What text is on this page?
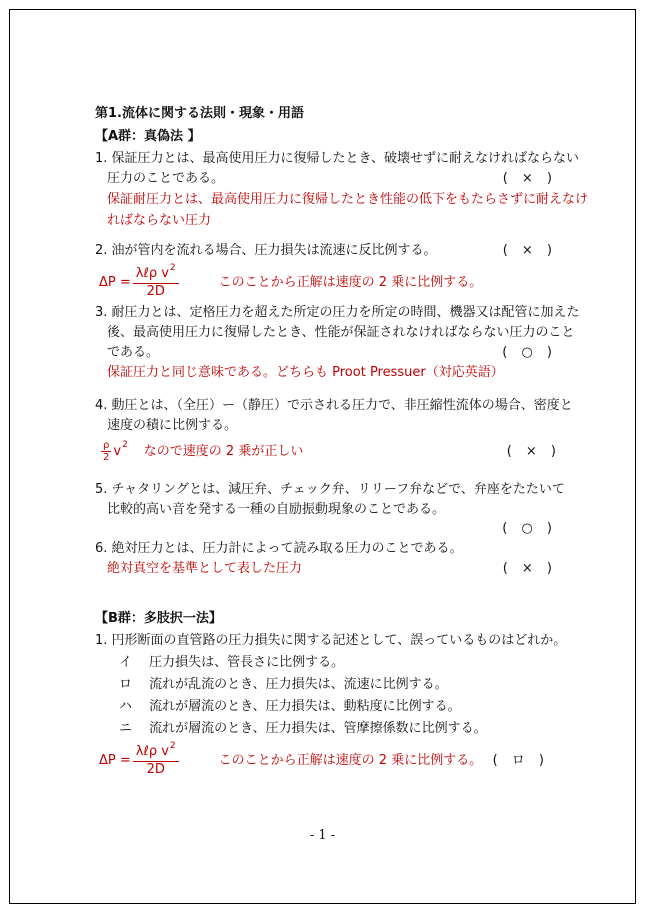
第1.流体に関する法則・現象・用語
【A群：真偽法 】
1. 保証圧力とは、最高使用圧力に復帰したとき、破壊せずに耐えなければならない
圧力のことである。	( × )
保証耐圧力とは、最高使用圧力に復帰したとき性能の低下をもたらさずに耐えなけ
ればならない圧力
2. 油が管内を流れる場合、圧力損失は流速に反比例する。	( × )
$\Delta P = \frac{\lambda\ell\rho v^2}{2D}$	このことから正解は速度の 2 乗に比例する。
3. 耐圧力とは、定格圧力を超えた所定の圧力を所定の時間、機器又は配管に加えた
後、最高使用圧力に復帰したとき、性能が保証されなければならない圧力のこと
である。	( ○ )
保証圧力と同じ意味である。どちらも Proot Pressuer（対応英語）
4. 動圧とは、（全圧）ー（静圧）で示される圧力で、非圧縮性流体の場合、密度と
速度の積に比例する。
$\frac{\rho}{2}$ v 2 なので速度の 2 乗が正しい	( × )
5. チャタリングとは、減圧弁、チェック弁、リリーフ弁などで、弁座をたたいて
比較的高い音を発する一種の自励振動現象のことである。
( ○ )
6. 絶対圧力とは、圧力計によって読み取る圧力のことである。
絶対真空を基準として表した圧力	( × )
【B群：多肢択一法】
1. 円形断面の直管路の圧力損失に関する記述として、誤っているものはどれか。
イ 圧力損失は、管長さに比例する。
ロ 流れが乱流のとき、圧力損失は、流速に比例する。
ハ 流れが層流のとき、圧力損失は、動粘度に比例する。
ニ 流れが層流のとき、圧力損失は、管摩擦係数に比例する。
$\Delta P = \frac{\lambda\ell\rho v^2}{2D}$	このことから正解は速度の 2 乗に比例する。 ( ロ )
- 1 -
